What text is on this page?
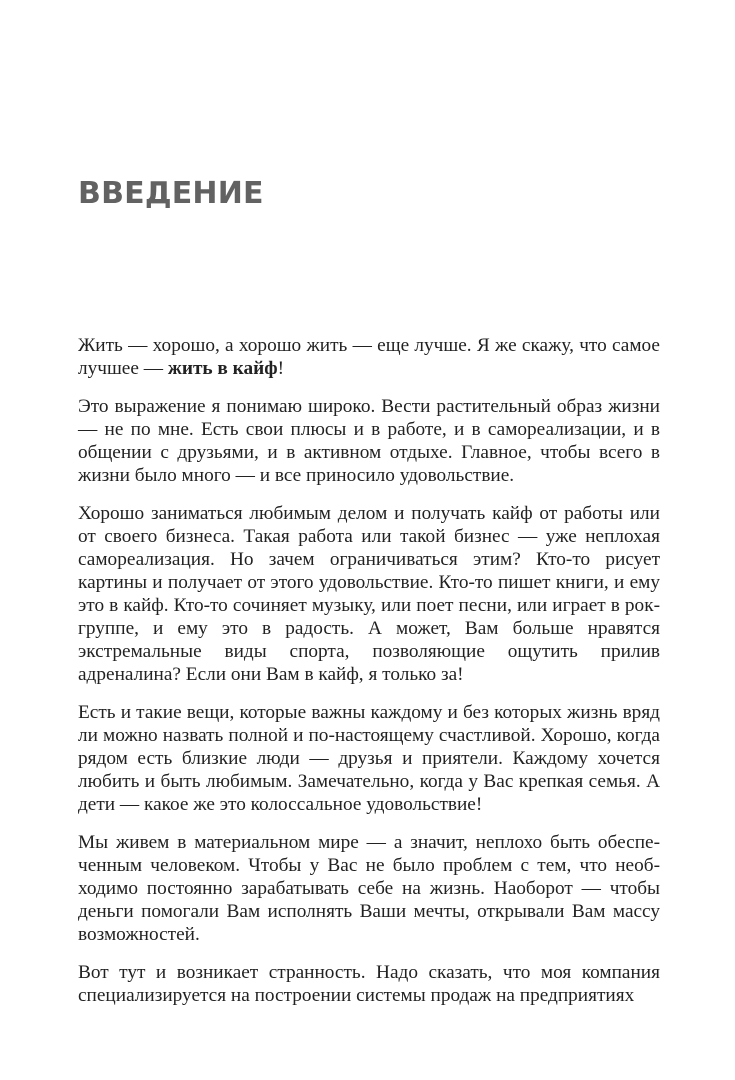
ВВЕДЕНИЕ

Жить — хорошо, а хорошо жить — еще лучше. Я же скажу, что самое лучшее — жить в кайф!

Это выражение я понимаю широко. Вести растительный образ жизни — не по мне. Есть свои плюсы и в работе, и в самореализации, и в общении с друзьями, и в активном отдыхе. Главное, чтобы всего в жизни было много — и все приносило удовольствие.

Хорошо заниматься любимым делом и получать кайф от работы или от своего бизнеса. Такая работа или такой бизнес — уже неплохая самореализация. Но зачем ограничиваться этим? Кто-то рисует картины и получает от этого удовольствие. Кто-то пишет книги, и ему это в кайф. Кто-то сочиняет музыку, или поет песни, или играет в рок-группе, и ему это в радость. А может, Вам больше нравятся экстремальные виды спорта, позволяющие ощутить прилив адреналина? Если они Вам в кайф, я только за!

Есть и такие вещи, которые важны каждому и без которых жизнь вряд ли можно назвать полной и по-настоящему счастливой. Хорошо, когда рядом есть близкие люди — друзья и приятели. Каждому хочется любить и быть любимым. Замечательно, когда у Вас крепкая семья. А дети — какое же это колоссальное удовольствие!

Мы живем в материальном мире — а значит, неплохо быть обеспеченным человеком. Чтобы у Вас не было проблем с тем, что необходимо постоянно зарабатывать себе на жизнь. Наоборот — чтобы деньги помогали Вам исполнять Ваши мечты, открывали Вам массу возможностей.

Вот тут и возникает странность. Надо сказать, что моя компания специализируется на построении системы продаж на предприятиях
